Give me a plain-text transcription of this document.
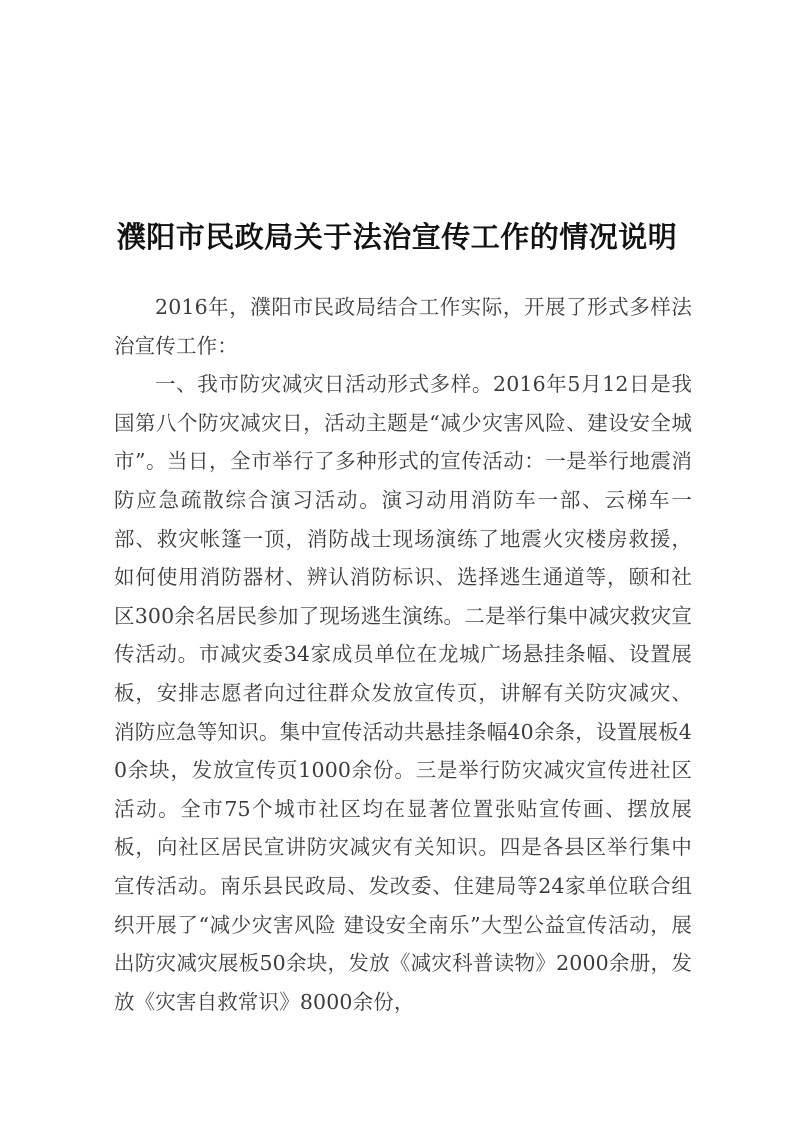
濮阳市民政局关于法治宣传工作的情况说明

2016年，濮阳市民政局结合工作实际，开展了形式多样法治宣传工作：

一、我市防灾减灾日活动形式多样。2016年5月12日是我国第八个防灾减灾日，活动主题是“减少灾害风险、建设安全城市”。当日，全市举行了多种形式的宣传活动：一是举行地震消防应急疏散综合演习活动。演习动用消防车一部、云梯车一部、救灾帐篷一顶，消防战士现场演练了地震火灾楼房救援，如何使用消防器材、辨认消防标识、选择逃生通道等，颐和社区300余名居民参加了现场逃生演练。二是举行集中减灾救灾宣传活动。市减灾委34家成员单位在龙城广场悬挂条幅、设置展板，安排志愿者向过往群众发放宣传页，讲解有关防灾减灾、消防应急等知识。集中宣传活动共悬挂条幅40余条，设置展板40余块，发放宣传页1000余份。三是举行防灾减灾宣传进社区活动。全市75个城市社区均在显著位置张贴宣传画、摆放展板，向社区居民宣讲防灾减灾有关知识。四是各县区举行集中宣传活动。南乐县民政局、发改委、住建局等24家单位联合组织开展了“减少灾害风险 建设安全南乐”大型公益宣传活动，展出防灾减灾展板50余块，发放《减灾科普读物》2000余册，发放《灾害自救常识》8000余份，
